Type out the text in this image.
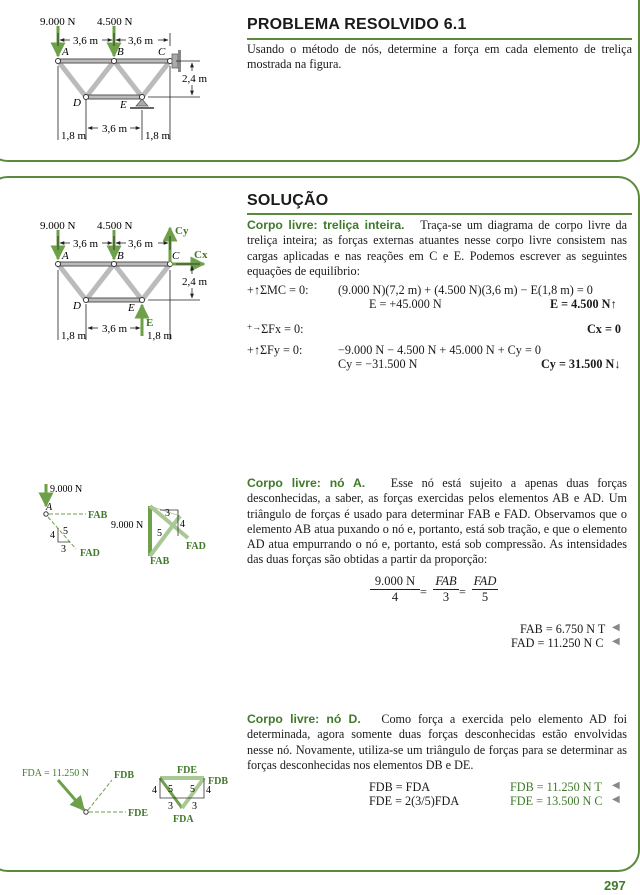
PROBLEMA RESOLVIDO 6.1
Usando o método de nós, determine a força em cada elemento de treliça mostrada na figura.
9.000 N 4.500 N
3,6 m	3,6 m
A	B	C
D	E
2,4 m
3,6 m
1,8 m	1,8 m
SOLUÇÃO
Corpo livre: treliça inteira. Traça-se um diagrama de corpo livre da treliça inteira; as forças externas atuantes nesse corpo livre consistem nas cargas aplicadas e nas reações em C e E. Podemos escrever as seguintes equações de equilíbrio:
9.000 N 4.500 N	Cy
Cx
E
3,6 m	3,6 m
A	B	C
D	E
2,4 m
3,6 m
1,8 m	1,8 m
+↑ΣMC = 0: (9.000 N)(7,2 m) + (4.500 N)(3,6 m) − E(1,8 m) = 0
E = +45.000 N	E = 4.500 N↑
+→ΣFx = 0:	Cx = 0
+↑ΣFy = 0:	−9.000 N − 4.500 N + 45.000 N + Cy = 0
Cy = −31.500 N	Cy = 31.500 N↓
Corpo livre: nó A. Esse nó está sujeito a apenas duas forças desconhecidas, a saber, as forças exercidas pelos elementos AB e AD. Um triângulo de forças é usado para determinar FAB e FAD. Observamos que o elemento AB atua puxando o nó e, portanto, está sob tração, e que o elemento AD atua empurrando o nó e, portanto, está sob compressão. As intensidades das duas forças são obtidas a partir da proporção:
9.000 N
A
FAB
FAD
5
4
3
9.000 N
3
4
5
FAD
FAB
$\frac{9.000 N}{4}$ =
FAB
3 =
FAD
5
FAB = 6.750 N T
FAD = 11.250 N C
◀
◀
Corpo livre: nó D. Como força a exercida pelo elemento AD foi determinada, agora somente duas forças desconhecidas estão envolvidas nesse nó. Novamente, utiliza-se um triângulo de forças para se determinar as forças desconhecidas nos elementos DB e DE.
FDA = 11.250 N	FDB
FDE
FDE
FDB
FDA
4 5 5 4
3 3
FDB = FDA
FDE = 2(3/5)FDA
FDB = 11.250 N T
FDE = 13.500 N C
◀
◀
297
